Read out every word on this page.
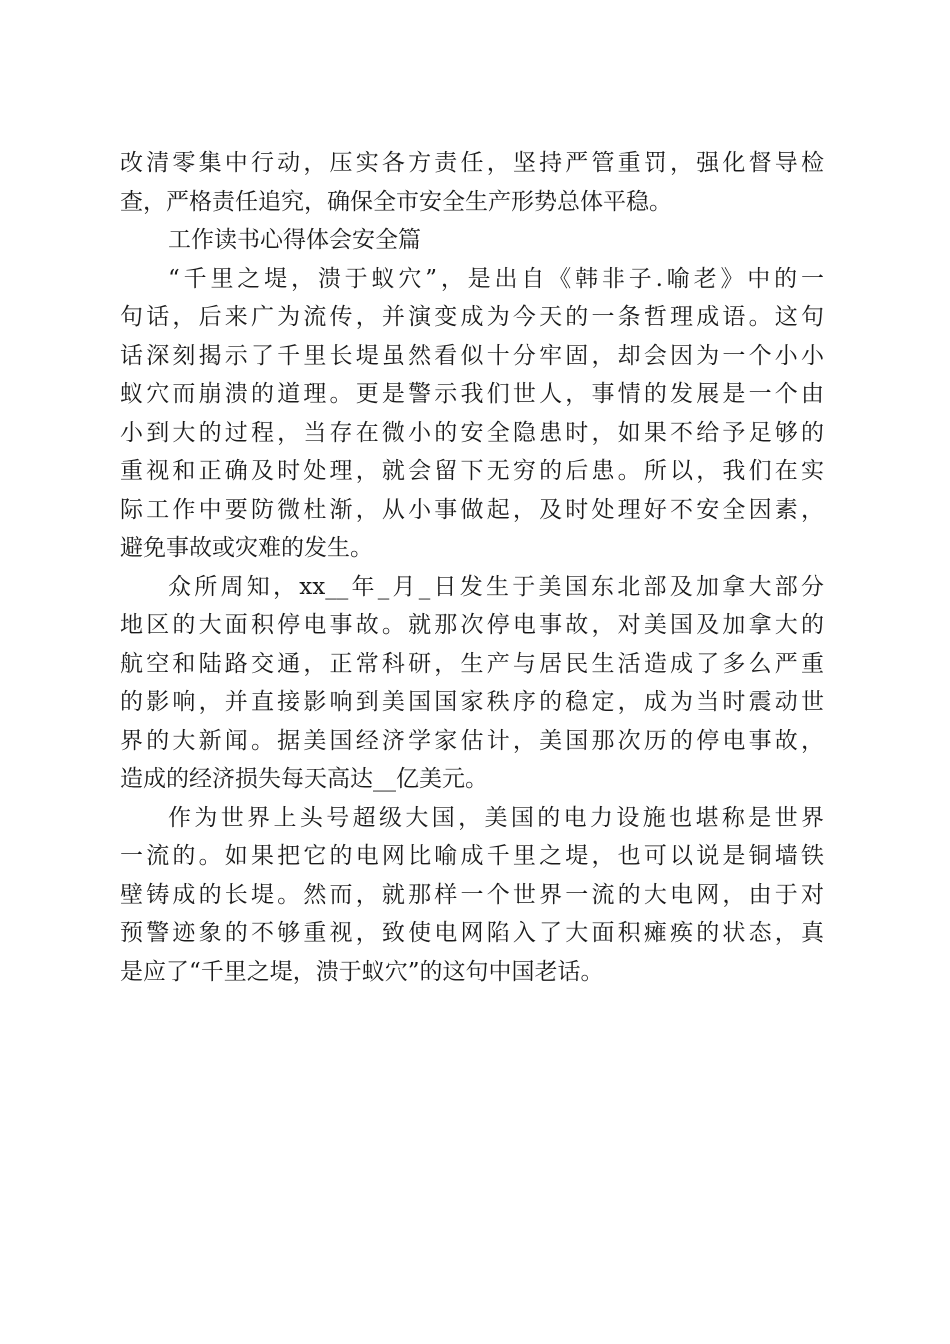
改清零集中行动，压实各方责任，坚持严管重罚，强化督导检
查，严格责任追究，确保全市安全生产形势总体平稳。
工作读书心得体会安全篇
“千里之堤，溃于蚁穴”，是出自《韩非子.喻老》中的一
句话，后来广为流传，并演变成为今天的一条哲理成语。这句
话深刻揭示了千里长堤虽然看似十分牢固，却会因为一个小小
蚁穴而崩溃的道理。更是警示我们世人，事情的发展是一个由
小到大的过程，当存在微小的安全隐患时，如果不给予足够的
重视和正确及时处理，就会留下无穷的后患。所以，我们在实
际工作中要防微杜渐，从小事做起，及时处理好不安全因素，
避免事故或灾难的发生。
众所周知，xx__年_月_日发生于美国东北部及加拿大部分
地区的大面积停电事故。就那次停电事故，对美国及加拿大的
航空和陆路交通，正常科研，生产与居民生活造成了多么严重
的影响，并直接影响到美国国家秩序的稳定，成为当时震动世
界的大新闻。据美国经济学家估计，美国那次历的停电事故，
造成的经济损失每天高达__亿美元。
作为世界上头号超级大国，美国的电力设施也堪称是世界
一流的。如果把它的电网比喻成千里之堤，也可以说是铜墙铁
壁铸成的长堤。然而，就那样一个世界一流的大电网，由于对
预警迹象的不够重视，致使电网陷入了大面积瘫痪的状态，真
是应了“千里之堤，溃于蚁穴”的这句中国老话。
